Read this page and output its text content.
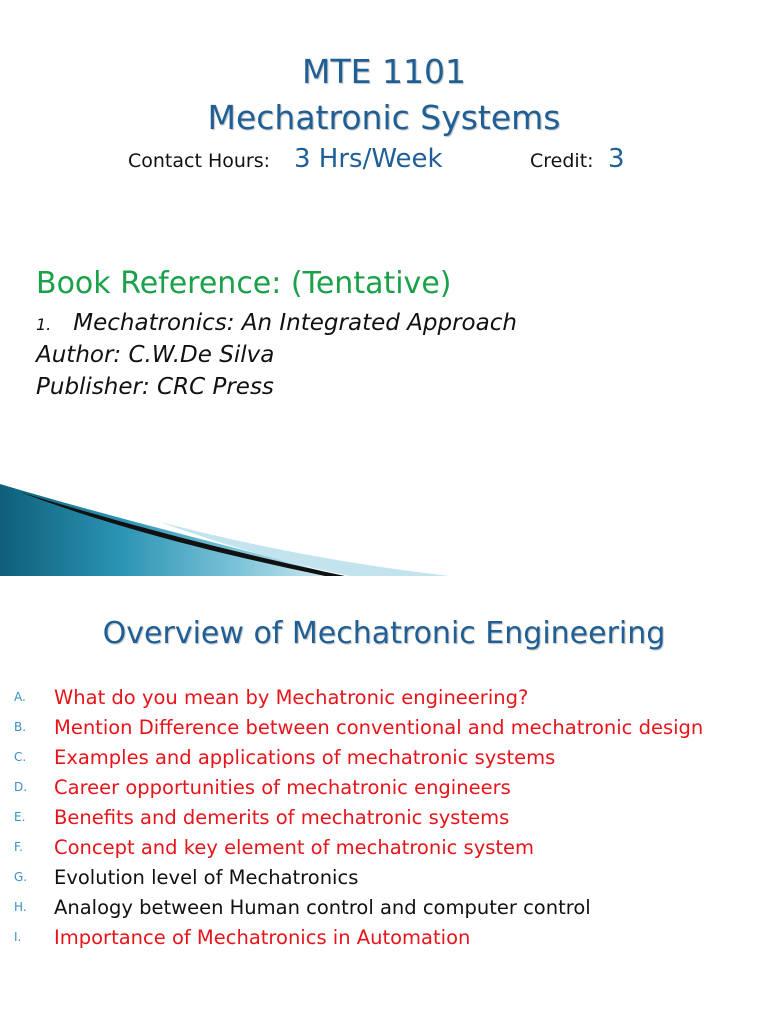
MTE 1101
Mechatronic Systems
Contact Hours: 3 Hrs/Week	Credit: 3
Book Reference: (Tentative)
1. Mechatronics: An Integrated Approach
Author: C.W.De Silva
Publisher: CRC Press
Overview of Mechatronic Engineering
A. What do you mean by Mechatronic engineering?
B. Mention Difference between conventional and mechatronic design
C. Examples and applications of mechatronic systems
D. Career opportunities of mechatronic engineers
E. Benefits and demerits of mechatronic systems
F. Concept and key element of mechatronic system
G. Evolution level of Mechatronics
H. Analogy between Human control and computer control
I. Importance of Mechatronics in Automation
